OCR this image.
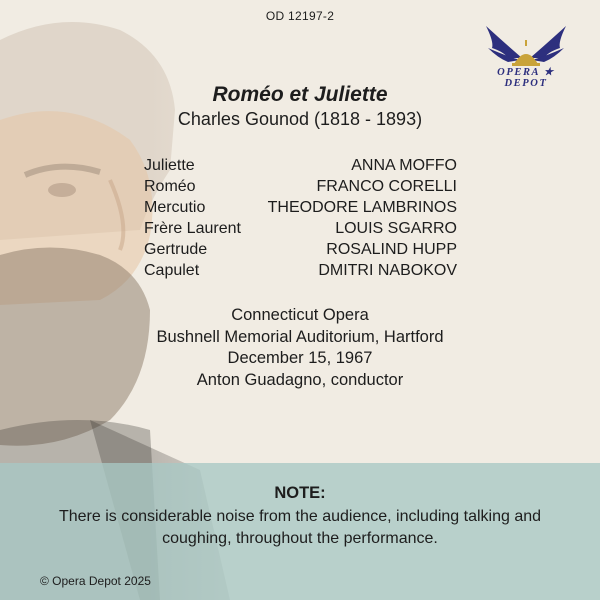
OD 12197-2
OPERA ★ DEPOT
Roméo et Juliette
Charles Gounod (1818 - 1893)
Juliette	ANNA MOFFO
Roméo	FRANCO CORELLI
Mercutio	THEODORE LAMBRINOS
Frère Laurent	LOUIS SGARRO
Gertrude	ROSALIND HUPP
Capulet	DMITRI NABOKOV
Connecticut Opera
Bushnell Memorial Auditorium, Hartford
December 15, 1967
Anton Guadagno, conductor
NOTE:
There is considerable noise from the audience, including talking and coughing, throughout the performance.
© Opera Depot 2025
